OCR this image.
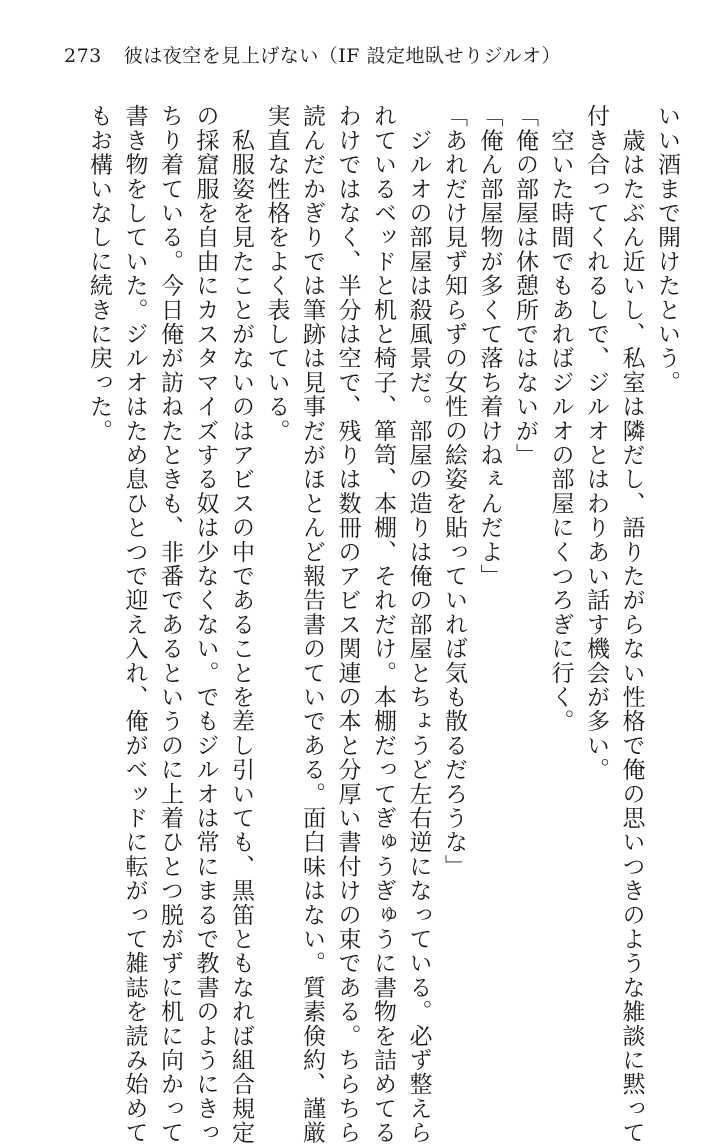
273 彼は夜空を見上げない（IF 設定地臥せりジルオ）
いい酒まで開けたという。
　歳はたぶん近いし、私室は隣だし、語りたがらない性格で俺の思いつきのような雑談に黙って
付き合ってくれるしで、ジルオとはわりあい話す機会が多い。
　空いた時間でもあればジルオの部屋にくつろぎに行く。
「俺の部屋は休憩所ではないが」
「俺ん部屋物が多くて落ち着けねぇんだよ」
「あれだけ見ず知らずの女性の絵姿を貼っていれば気も散るだろうな」
　ジルオの部屋は殺風景だ。部屋の造りは俺の部屋とちょうど左右逆になっている。必ず整えら
れているベッドと机と椅子、箪笥、本棚、それだけ。本棚だってぎゅうぎゅうに書物を詰めてる
わけではなく、半分は空で、残りは数冊のアビス関連の本と分厚い書付けの束である。ちらちら
読んだかぎりでは筆跡は見事だがほとんど報告書のていである。面白味はない。質素倹約、謹厳
実直な性格をよく表している。
　私服姿を見たことがないのはアビスの中であることを差し引いても、黒笛ともなれば組合規定
の採窟服を自由にカスタマイズする奴は少なくない。でもジルオは常にまるで教書のようにきっ
ちり着ている。今日俺が訪ねたときも、非番であるというのに上着ひとつ脱がずに机に向かって
書き物をしていた。ジルオはため息ひとつで迎え入れ、俺がベッドに転がって雑誌を読み始めて
もお構いなしに続きに戻った。
